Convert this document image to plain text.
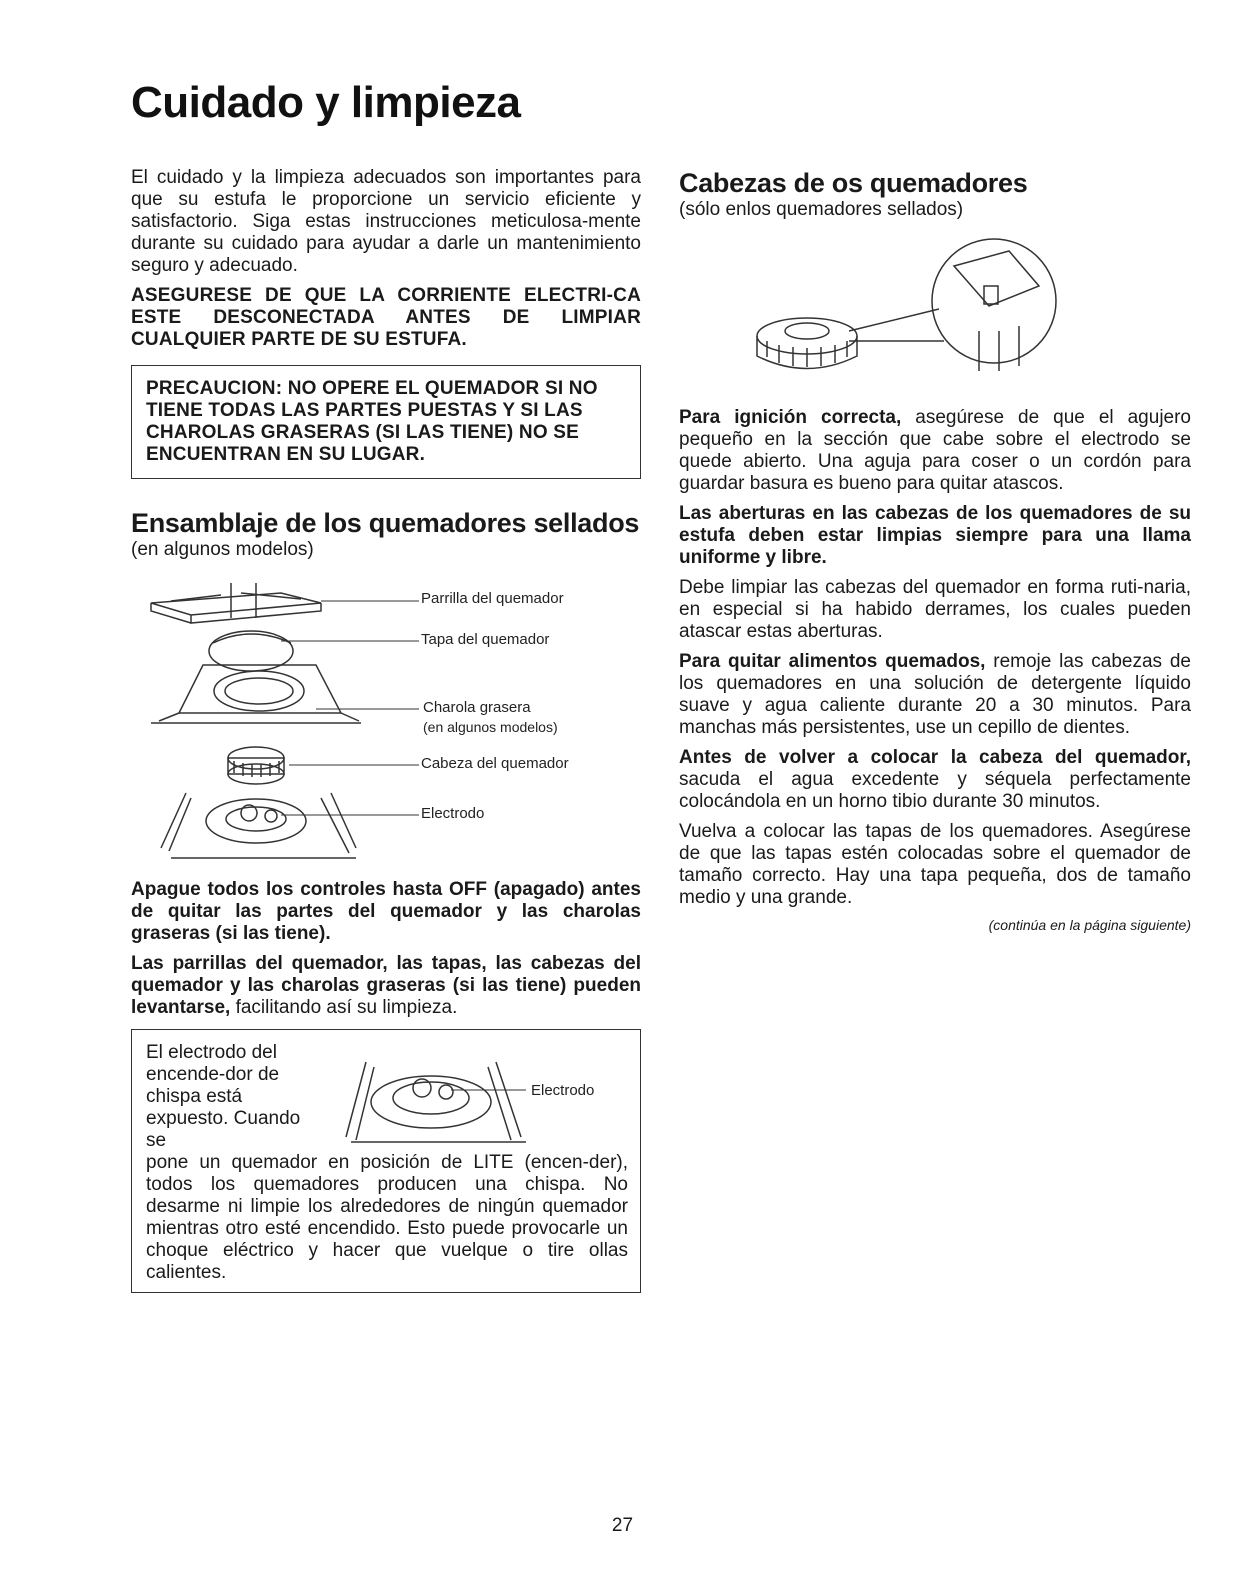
Cuidado y limpieza

El cuidado y la limpieza adecuados son importantes para que su estufa le proporcione un servicio eficiente y satisfactorio. Siga estas instrucciones meticulosa-mente durante su cuidado para ayudar a darle un mantenimiento seguro y adecuado.

ASEGURESE DE QUE LA CORRIENTE ELECTRI-CA ESTE DESCONECTADA ANTES DE LIMPIAR CUALQUIER PARTE DE SU ESTUFA.

PRECAUCION: NO OPERE EL QUEMADOR SI NO TIENE TODAS LAS PARTES PUESTAS Y SI LAS CHAROLAS GRASERAS (SI LAS TIENE) NO SE ENCUENTRAN EN SU LUGAR.
Ensamblaje de los quemadores sellados
(en algunos modelos)
Parrilla del quemador
Tapa del quemador
Charola grasera
(en algunos modelos)
Cabeza del quemador
Electrodo

Apague todos los controles hasta OFF (apagado) antes de quitar las partes del quemador y las charolas graseras (si las tiene).

Las parrillas del quemador, las tapas, las cabezas del quemador y las charolas graseras (si las tiene) pueden levantarse, facilitando así su limpieza.

El electrodo del encende-dor de chispa está expuesto. Cuando se
Electrodo

pone un quemador en posición de LITE (encen-der), todos los quemadores producen una chispa. No desarme ni limpie los alrededores de ningún quemador mientras otro esté encendido. Esto puede provocarle un choque eléctrico y hacer que vuelque o tire ollas calientes.

Cabezas de os quemadores
(sólo enlos quemadores sellados)

Para ignición correcta, asegúrese de que el agujero pequeño en la sección que cabe sobre el electrodo se quede abierto. Una aguja para coser o un cordón para guardar basura es bueno para quitar atascos.

Las aberturas en las cabezas de los quemadores de su estufa deben estar limpias siempre para una llama uniforme y libre.

Debe limpiar las cabezas del quemador en forma ruti-naria, en especial si ha habido derrames, los cuales pueden atascar estas aberturas.

Para quitar alimentos quemados, remoje las cabezas de los quemadores en una solución de detergente líquido suave y agua caliente durante 20 a 30 minutos. Para manchas más persistentes, use un cepillo de dientes.

Antes de volver a colocar la cabeza del quemador, sacuda el agua excedente y séquela perfectamente colocándola en un horno tibio durante 30 minutos.

Vuelva a colocar las tapas de los quemadores. Asegúrese de que las tapas estén colocadas sobre el quemador de tamaño correcto. Hay una tapa pequeña, dos de tamaño medio y una grande.

(continúa en la página siguiente)
27
